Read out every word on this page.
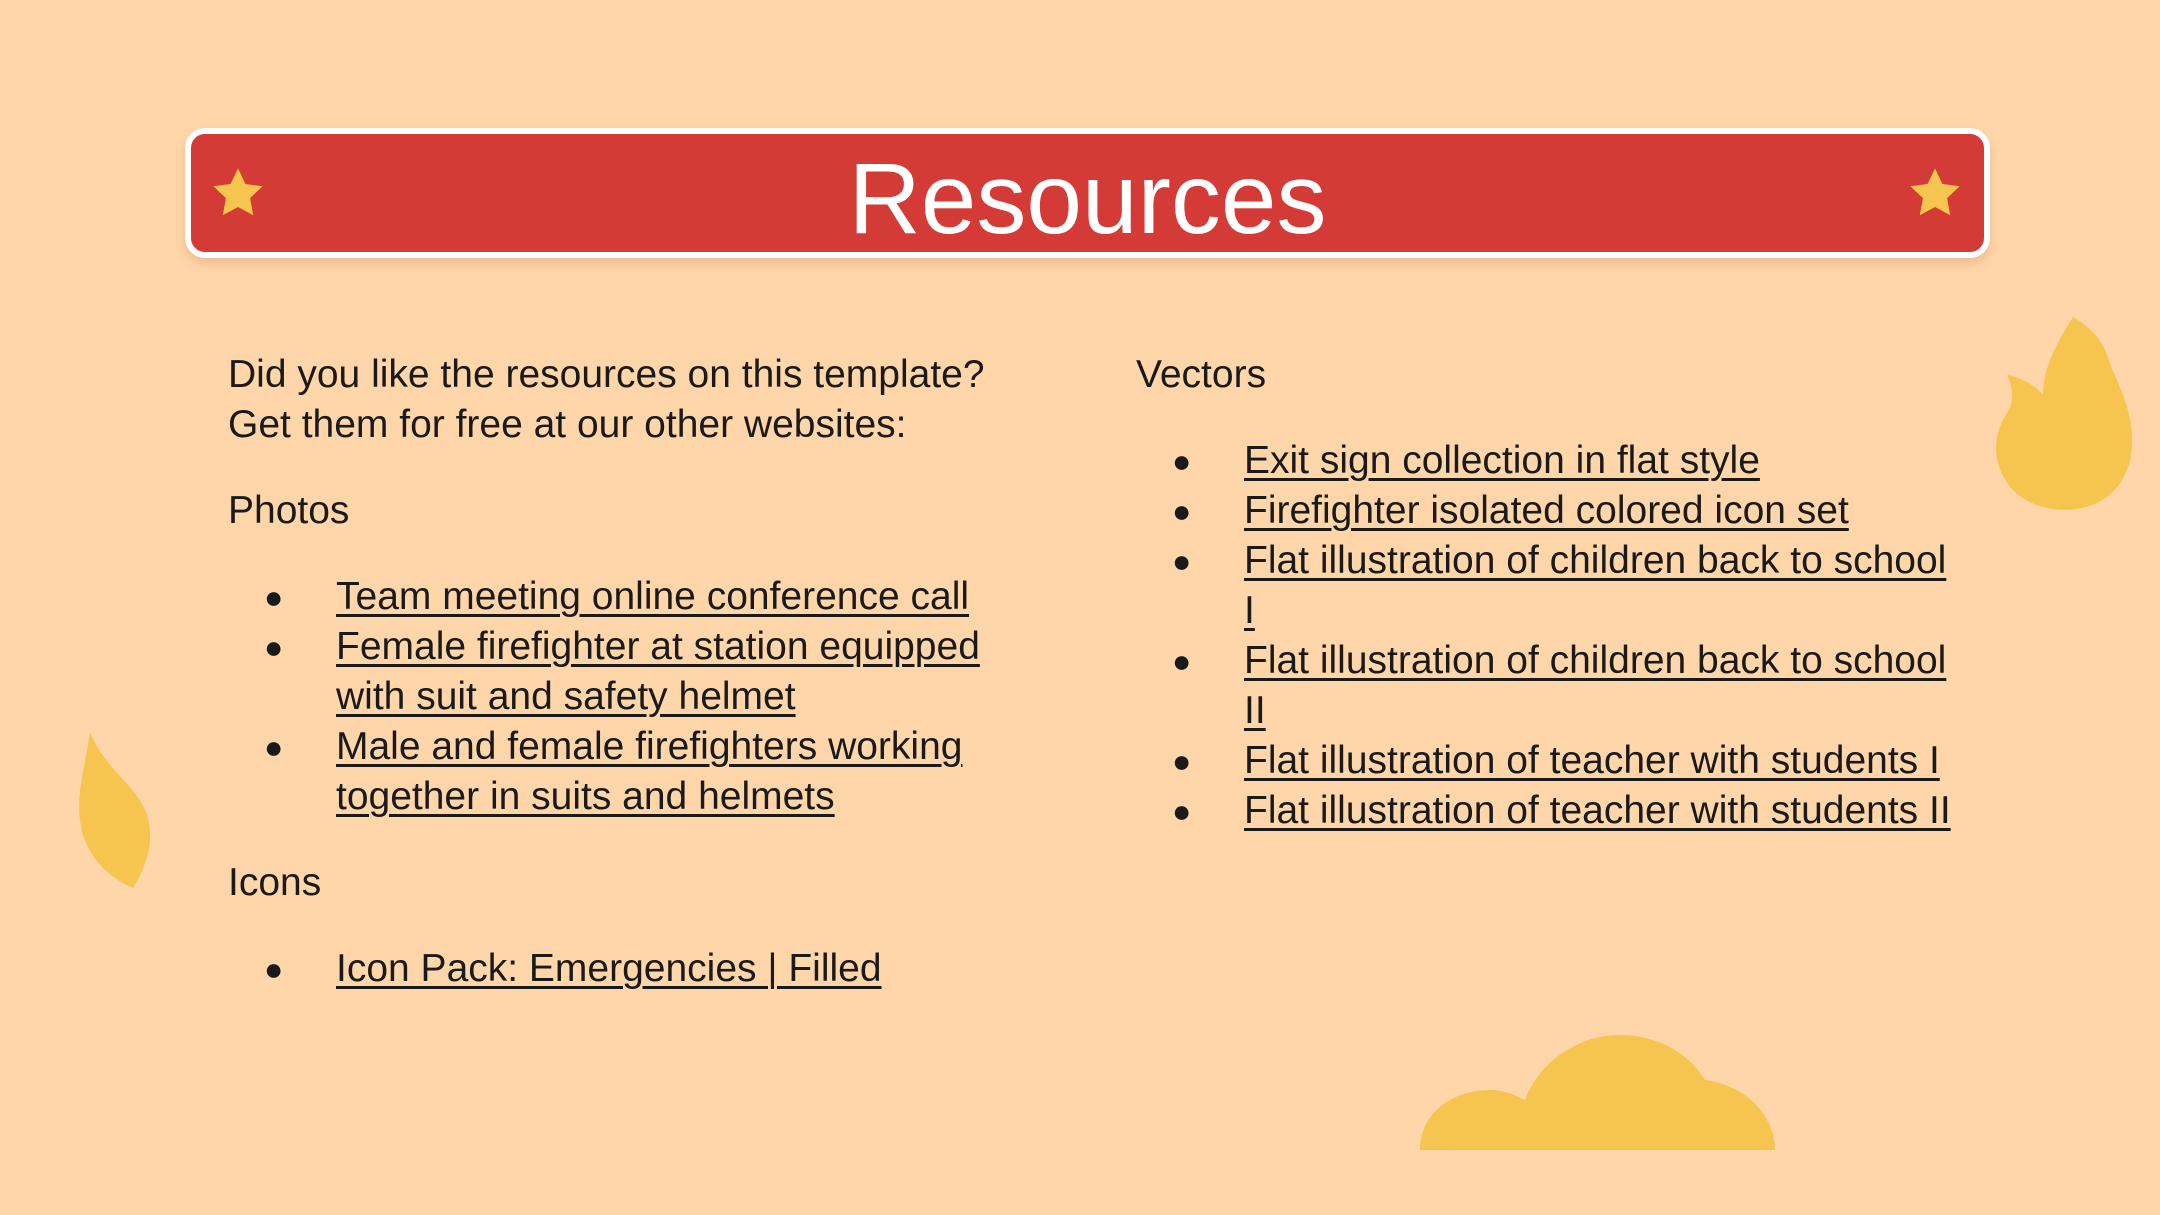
Resources

Did you like the resources on this template? Get them for free at our other websites:

Photos

● Team meeting online conference call
● Female firefighter at station equipped with suit and safety helmet
● Male and female firefighters working together in suits and helmets

Icons

● Icon Pack: Emergencies | Filled

Vectors

● Exit sign collection in flat style
● Firefighter isolated colored icon set
● Flat illustration of children back to school I
● Flat illustration of children back to school II
● Flat illustration of teacher with students I
● Flat illustration of teacher with students II
